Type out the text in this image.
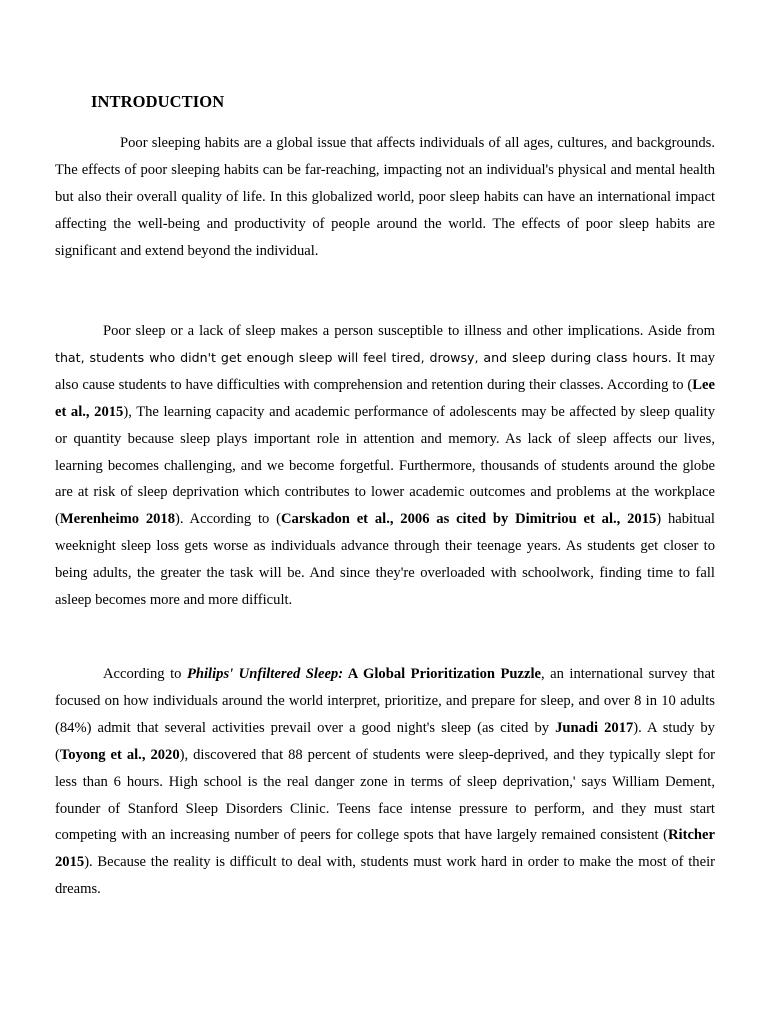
INTRODUCTION

Poor sleeping habits are a global issue that affects individuals of all ages, cultures, and backgrounds. The effects of poor sleeping habits can be far-reaching, impacting not an individual's physical and mental health but also their overall quality of life. In this globalized world, poor sleep habits can have an international impact affecting the well-being and productivity of people around the world. The effects of poor sleep habits are significant and extend beyond the individual.

Poor sleep or a lack of sleep makes a person susceptible to illness and other implications. Aside from that, students who didn't get enough sleep will feel tired, drowsy, and sleep during class hours. It may also cause students to have difficulties with comprehension and retention during their classes. According to (Lee et al., 2015), The learning capacity and academic performance of adolescents may be affected by sleep quality or quantity because sleep plays important role in attention and memory. As lack of sleep affects our lives, learning becomes challenging, and we become forgetful. Furthermore, thousands of students around the globe are at risk of sleep deprivation which contributes to lower academic outcomes and problems at the workplace (Merenheimo 2018). According to (Carskadon et al., 2006 as cited by Dimitriou et al., 2015) habitual weeknight sleep loss gets worse as individuals advance through their teenage years. As students get closer to being adults, the greater the task will be. And since they're overloaded with schoolwork, finding time to fall asleep becomes more and more difficult.

According to Philips' Unfiltered Sleep: A Global Prioritization Puzzle, an international survey that focused on how individuals around the world interpret, prioritize, and prepare for sleep, and over 8 in 10 adults (84%) admit that several activities prevail over a good night's sleep (as cited by Junadi 2017). A study by (Toyong et al., 2020), discovered that 88 percent of students were sleep-deprived, and they typically slept for less than 6 hours. High school is the real danger zone in terms of sleep deprivation,' says William Dement, founder of Stanford Sleep Disorders Clinic. Teens face intense pressure to perform, and they must start competing with an increasing number of peers for college spots that have largely remained consistent (Ritcher 2015). Because the reality is difficult to deal with, students must work hard in order to make the most of their dreams.
